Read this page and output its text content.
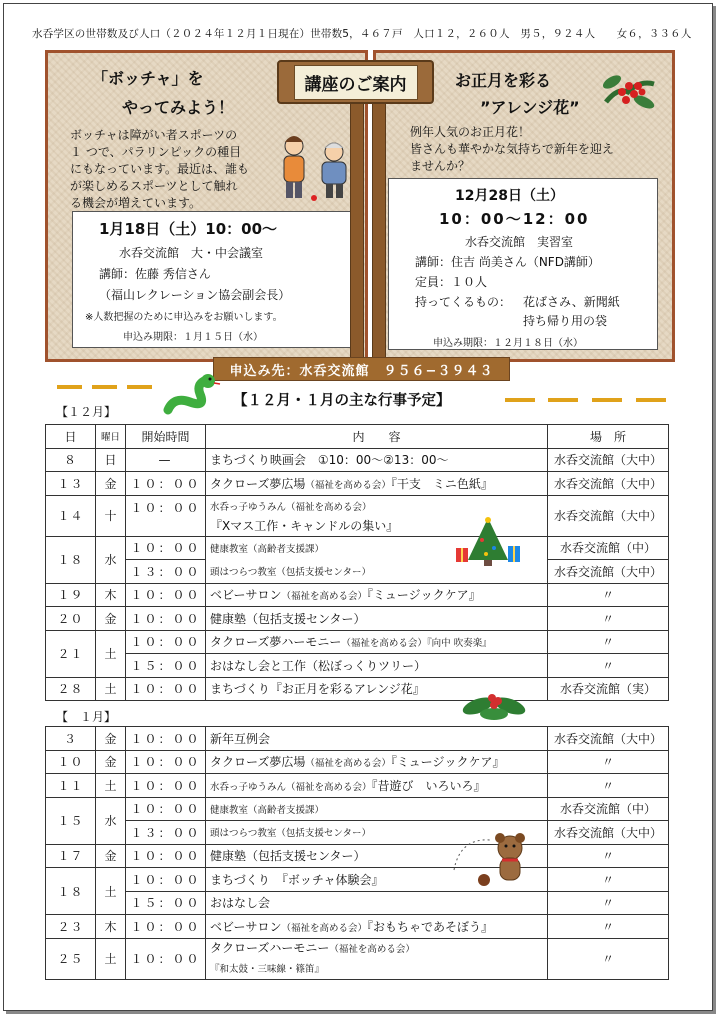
水呑学区の世帯数及び人口（２０２４年１２月１日現在）世帯数5，４６７戸　人口１２，２６０人　男５，９２４人　　女６，３３６人
「ボッチャ」を
やってみよう！
ボッチャは障がい者スポーツの
１ つで、パラリンピックの種目
にもなっています。最近は、誰も
が楽しめるスポーツとして触れ
る機会が増えています。
1月18日（土）10：00～
水呑交流館　大・中会議室
講師：佐藤 秀信さん
（福山レクレーション協会副会長）
※人数把握のために申込みをお願いします。
申込み期限：１月１５日（水）
講座のご案内	お正月を彩る
”アレンジ花”
例年人気のお正月花！
皆さんも華やかな気持ちで新年を迎え
ませんか？
12月28日（土）
10：00～12：00
水呑交流館　実習室
講師：住吉 尚美さん（NFD講師）
定員：１０人
持ってくるもの： 花ばさみ、新聞紙
持ち帰り用の袋
申込み期限：１２月１８日（水）
申込み先：水呑交流館　９５６−３９４３
【１２月・１月の主な行事予定】
【１２月】
日	曜日	開始時間	内　　容	場　所
８	日	—	まちづくり映画会　①10：00～②13：00～	水呑交流館（大中）
１３	金	１０：００	タクローズ夢広場（福祉を高める会）『干支　ミニ色紙』	水呑交流館（大中）
１４	十	１０：００	水呑っ子ゆうみん（福祉を高める会）
『Xマス工作・キャンドルの集い』	水呑交流館（大中）
１８	水	１０：００	健康教室（高齢者支援課）	水呑交流館（中）
		１３：００	頭はつらつ教室（包括支援センター）	水呑交流館（大中）
１９	木	１０：００	ベビーサロン（福祉を高める会）『ミュージックケア』	〃
２０	金	１０：００	健康塾（包括支援センター）	〃
２１	土	１０：００	タクローズ夢ハーモニー（福祉を高める会）『向中 吹奏楽』	〃
		１５：００	おはなし会と工作（松ぼっくりツリー）	〃
２８	土	１０：００	まちづくり『お正月を彩るアレンジ花』	水呑交流館（実）
【　１月】
３	金	１０：００	新年互例会	水呑交流館（大中）
１０	金	１０：００	タクローズ夢広場（福祉を高める会）『ミュージックケア』	〃
１１	土	１０：００	水呑っ子ゆうみん（福祉を高める会）『昔遊び　いろいろ』	〃
１５	水	１０：００	健康教室（高齢者支援課）	水呑交流館（中）
		１３：００	頭はつらつ教室（包括支援センター）	水呑交流館（大中）
１７	金	１０：００	健康塾（包括支援センター）	〃
１８	土	１０：００	まちづくり　『ボッチャ体験会』	〃
		１５：００	おはなし会	〃
２３	木	１０：００	ベビーサロン（福祉を高める会）『おもちゃであそぼう』	〃
２５	土	１０：００	タクローズハーモニー（福祉を高める会）
『和太鼓・三味線・篠笛』	〃
